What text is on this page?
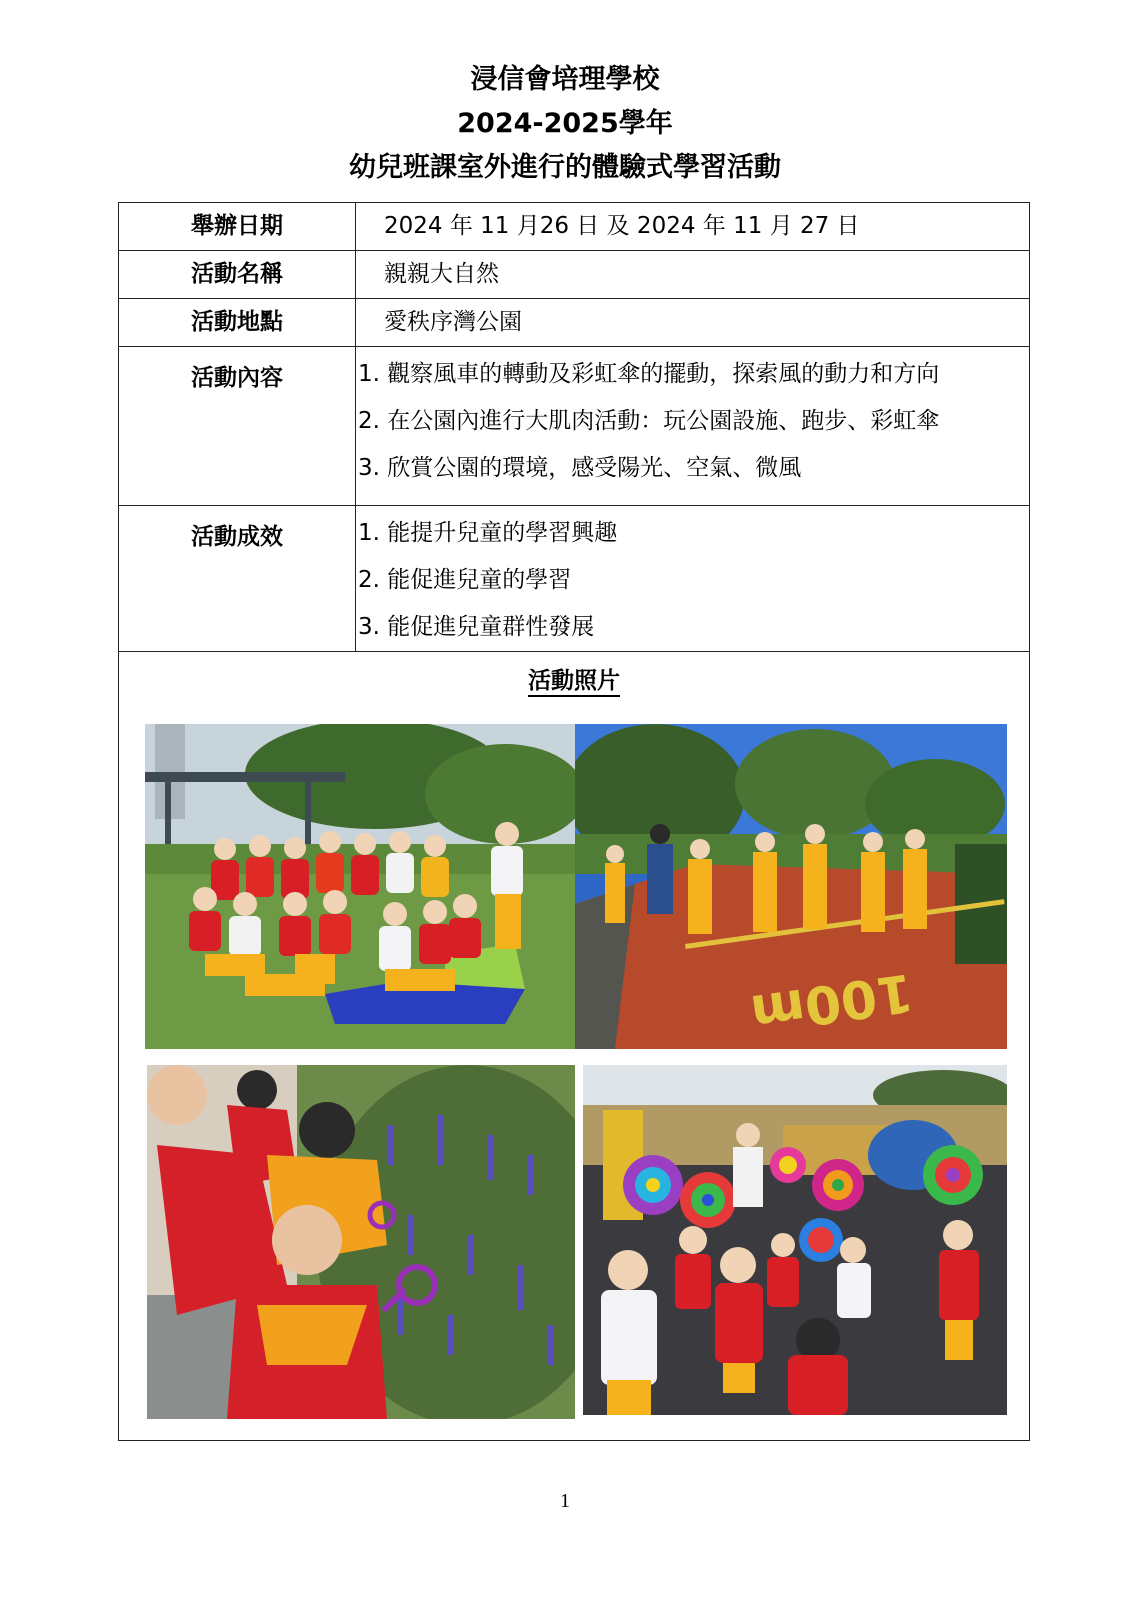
浸信會培理學校
2024-2025學年
幼兒班課室外進行的體驗式學習活動
舉辦日期	2024 年 11 月26 日 及 2024 年 11 月 27 日
活動名稱	親親大自然
活動地點	愛秩序灣公園

活動內容	1. 觀察風車的轉動及彩虹傘的擺動，探索風的動力和方向
2. 在公園內進行大肌肉活動：玩公園設施、跑步、彩虹傘
3. 欣賞公園的環境，感受陽光、空氣、微風

活動成效	1. 能提升兒童的學習興趣
2. 能促進兒童的學習
3. 能促進兒童群性發展

活動照片
100m	
1
